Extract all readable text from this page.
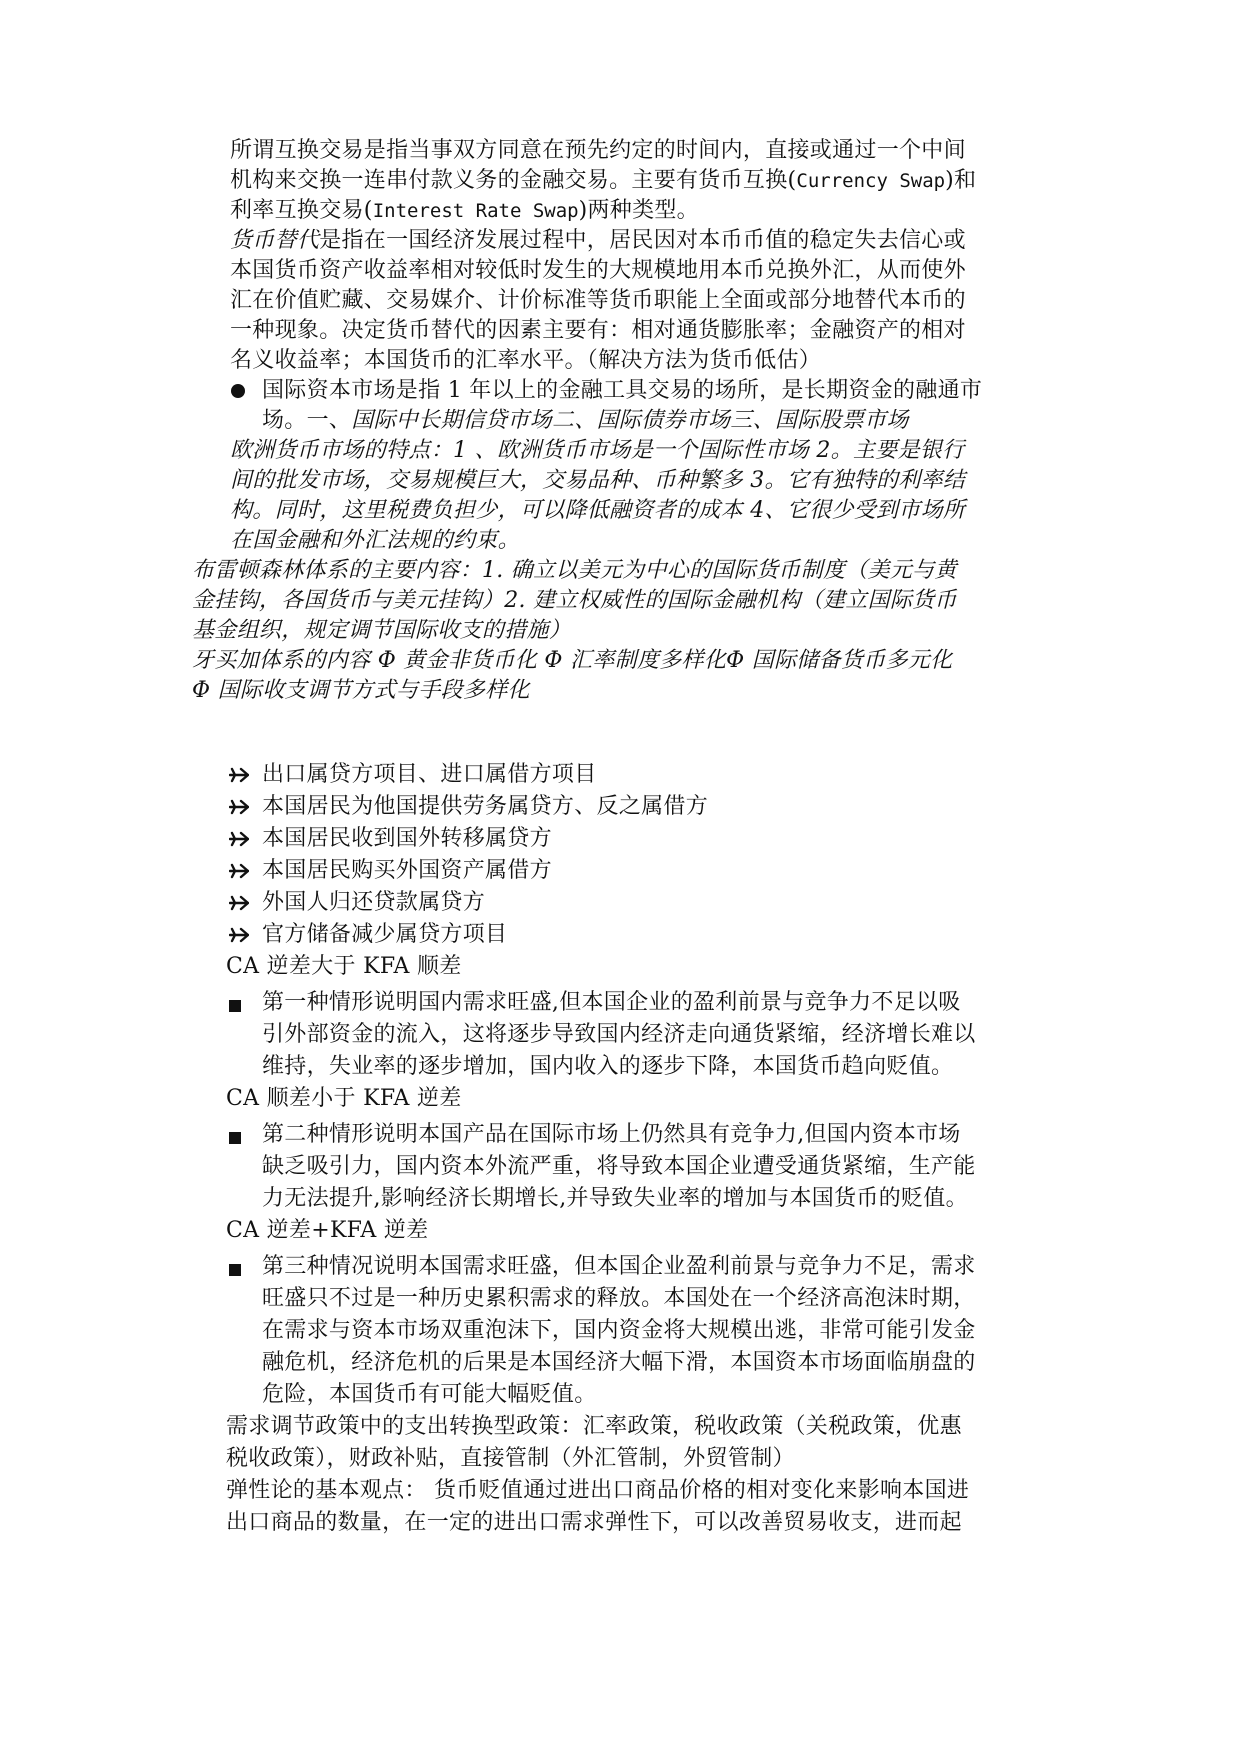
所谓互换交易是指当事双方同意在预先约定的时间内，直接或通过一个中间
机构来交换一连串付款义务的金融交易。主要有货币互换(Currency Swap)和
利率互换交易(Interest Rate Swap)两种类型。
货币替代是指在一国经济发展过程中，居民因对本币币值的稳定失去信心或
本国货币资产收益率相对较低时发生的大规模地用本币兑换外汇，从而使外
汇在价值贮藏、交易媒介、计价标准等货币职能上全面或部分地替代本币的
一种现象。决定货币替代的因素主要有：相对通货膨胀率；金融资产的相对
名义收益率；本国货币的汇率水平。（解决方法为货币低估）
国际资本市场是指 1 年以上的金融工具交易的场所，是长期资金的融通市
场。一、国际中长期信贷市场二、国际债券市场三、国际股票市场
欧洲货币市场的特点：1 、欧洲货币市场是一个国际性市场 2。主要是银行
间的批发市场，交易规模巨大，交易品种、币种繁多 3。它有独特的利率结
构。同时，这里税费负担少，可以降低融资者的成本 4、它很少受到市场所
在国金融和外汇法规的约束。
布雷顿森林体系的主要内容：1. 确立以美元为中心的国际货币制度（美元与黄
金挂钩，各国货币与美元挂钩）2. 建立权威性的国际金融机构（建立国际货币
基金组织，规定调节国际收支的措施）
牙买加体系的内容 Φ 黄金非货币化 Φ 汇率制度多样化Φ 国际储备货币多元化
Φ 国际收支调节方式与手段多样化
出口属贷方项目、进口属借方项目
本国居民为他国提供劳务属贷方、反之属借方
本国居民收到国外转移属贷方
本国居民购买外国资产属借方
外国人归还贷款属贷方
官方储备减少属贷方项目
CA 逆差大于 KFA 顺差
第一种情形说明国内需求旺盛,但本国企业的盈利前景与竞争力不足以吸
引外部资金的流入，这将逐步导致国内经济走向通货紧缩，经济增长难以
维持，失业率的逐步增加，国内收入的逐步下降，本国货币趋向贬值。
CA 顺差小于 KFA 逆差
第二种情形说明本国产品在国际市场上仍然具有竞争力,但国内资本市场
缺乏吸引力，国内资本外流严重，将导致本国企业遭受通货紧缩，生产能
力无法提升,影响经济长期增长,并导致失业率的增加与本国货币的贬值。
CA 逆差+KFA 逆差
第三种情况说明本国需求旺盛，但本国企业盈利前景与竞争力不足，需求
旺盛只不过是一种历史累积需求的释放。本国处在一个经济高泡沫时期，
在需求与资本市场双重泡沫下，国内资金将大规模出逃，非常可能引发金
融危机，经济危机的后果是本国经济大幅下滑，本国资本市场面临崩盘的
危险，本国货币有可能大幅贬值。
需求调节政策中的支出转换型政策：汇率政策，税收政策（关税政策，优惠
税收政策），财政补贴，直接管制（外汇管制，外贸管制）
弹性论的基本观点： 货币贬值通过进出口商品价格的相对变化来影响本国进
出口商品的数量，在一定的进出口需求弹性下，可以改善贸易收支，进而起
